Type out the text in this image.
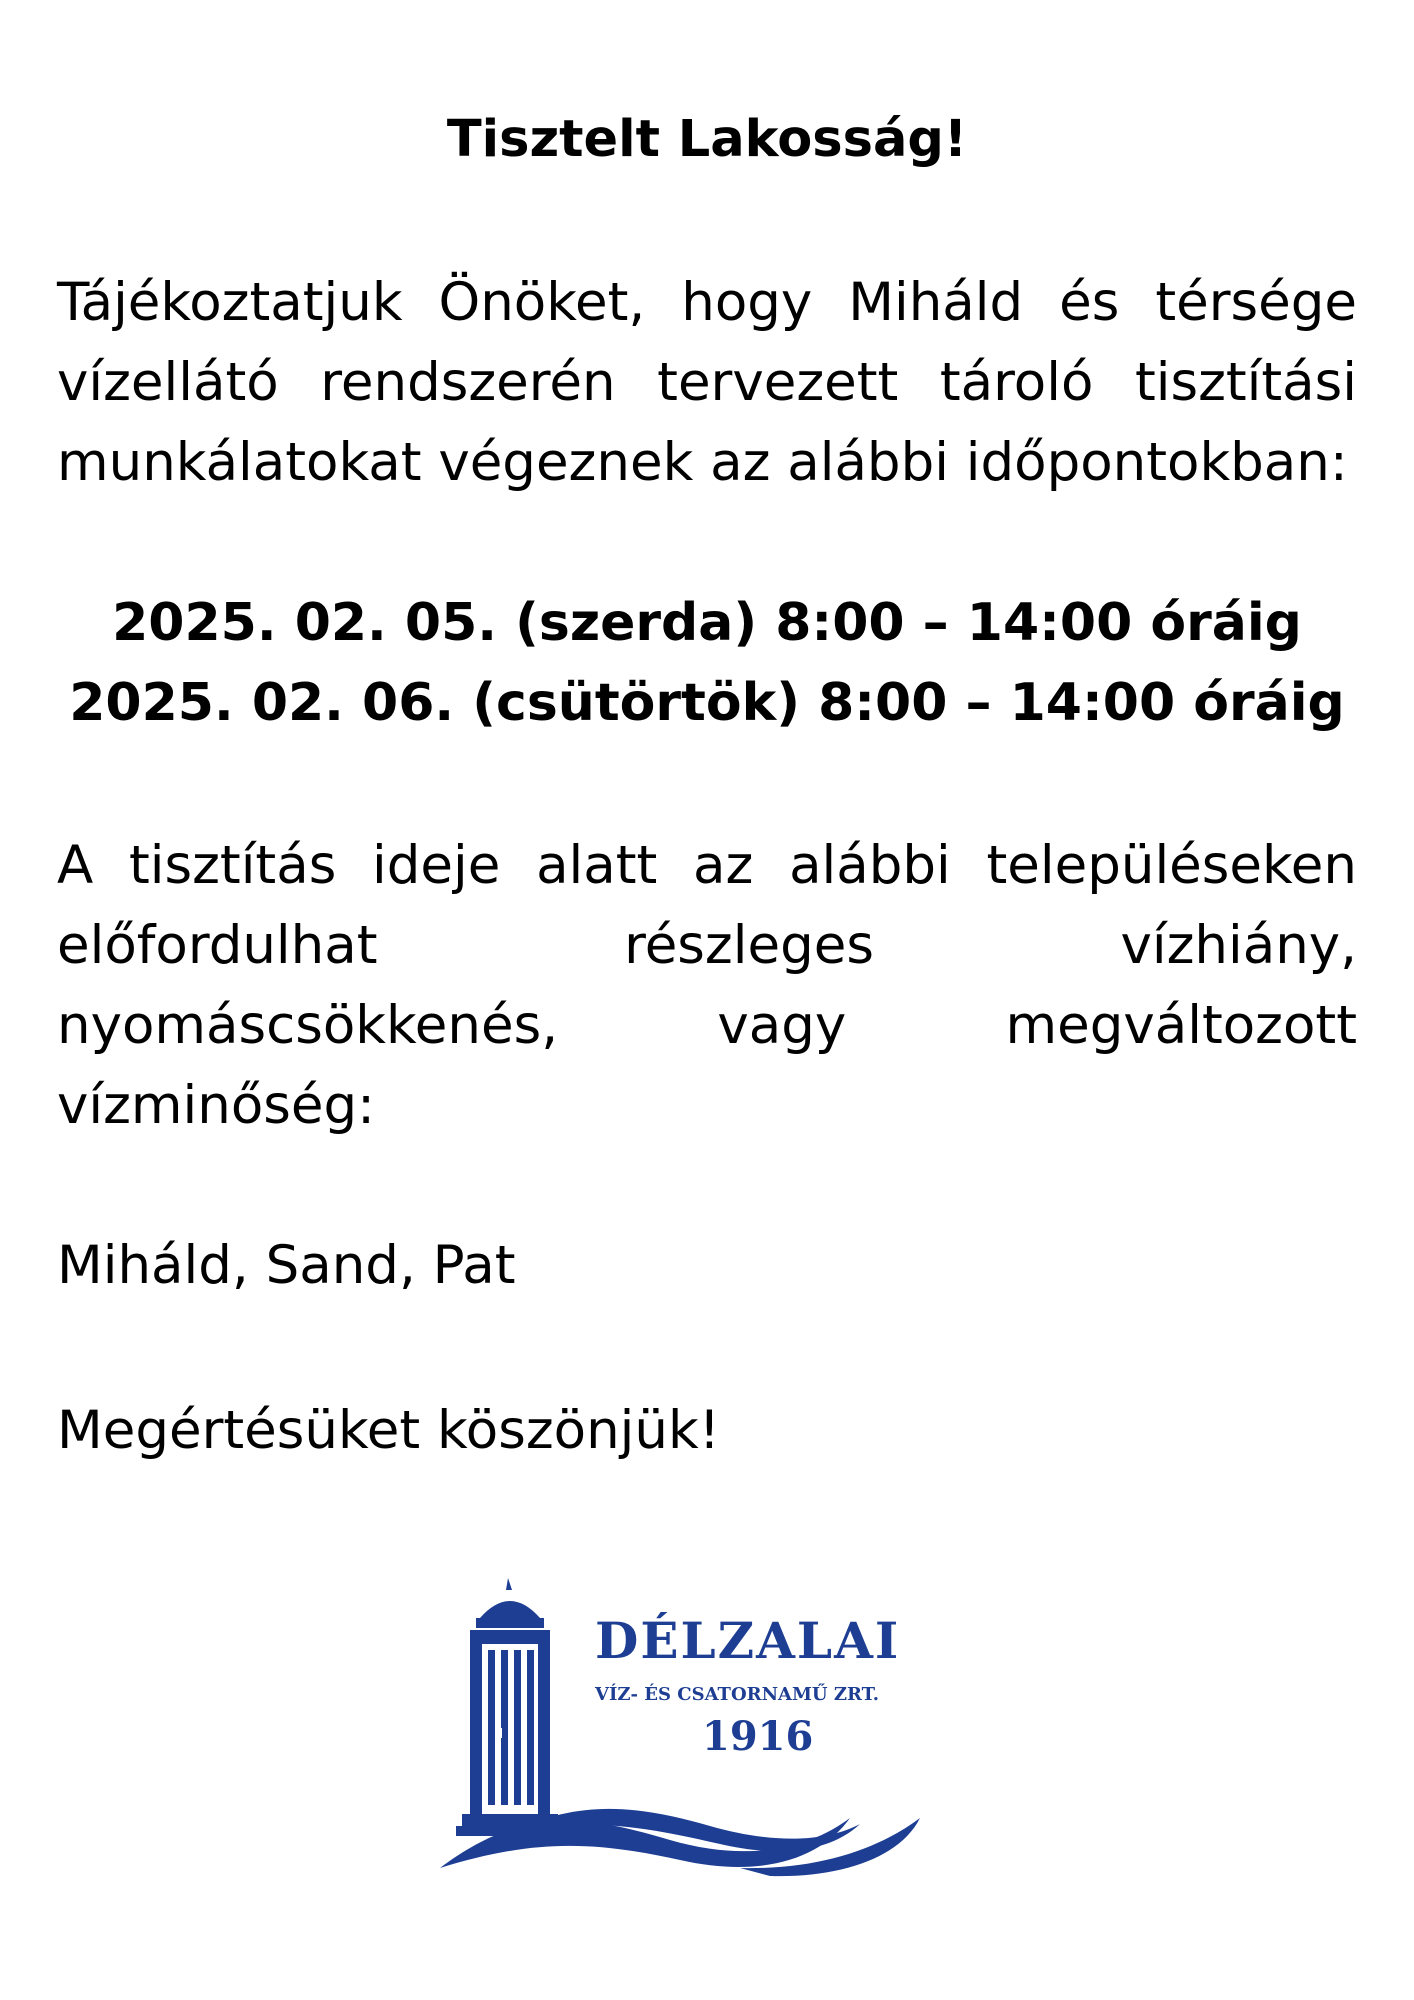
Tisztelt Lakosság!
Tájékoztatjuk Önöket, hogy Miháld és térsége vízellátó rendszerén tervezett tároló tisztítási munkálatokat végeznek az alábbi időpontokban:
2025. 02. 05. (szerda) 8:00 – 14:00 óráig
2025. 02. 06. (csütörtök) 8:00 – 14:00 óráig
A tisztítás ideje alatt az alábbi településeken előfordulhat részleges vízhiány, nyomáscsökkenés, vagy megváltozott vízminőség:
Miháld, Sand, Pat
Megértésüket köszönjük!
DÉLZALAI
VÍZ- ÉS CSATORNAMŰ ZRT.
1916
